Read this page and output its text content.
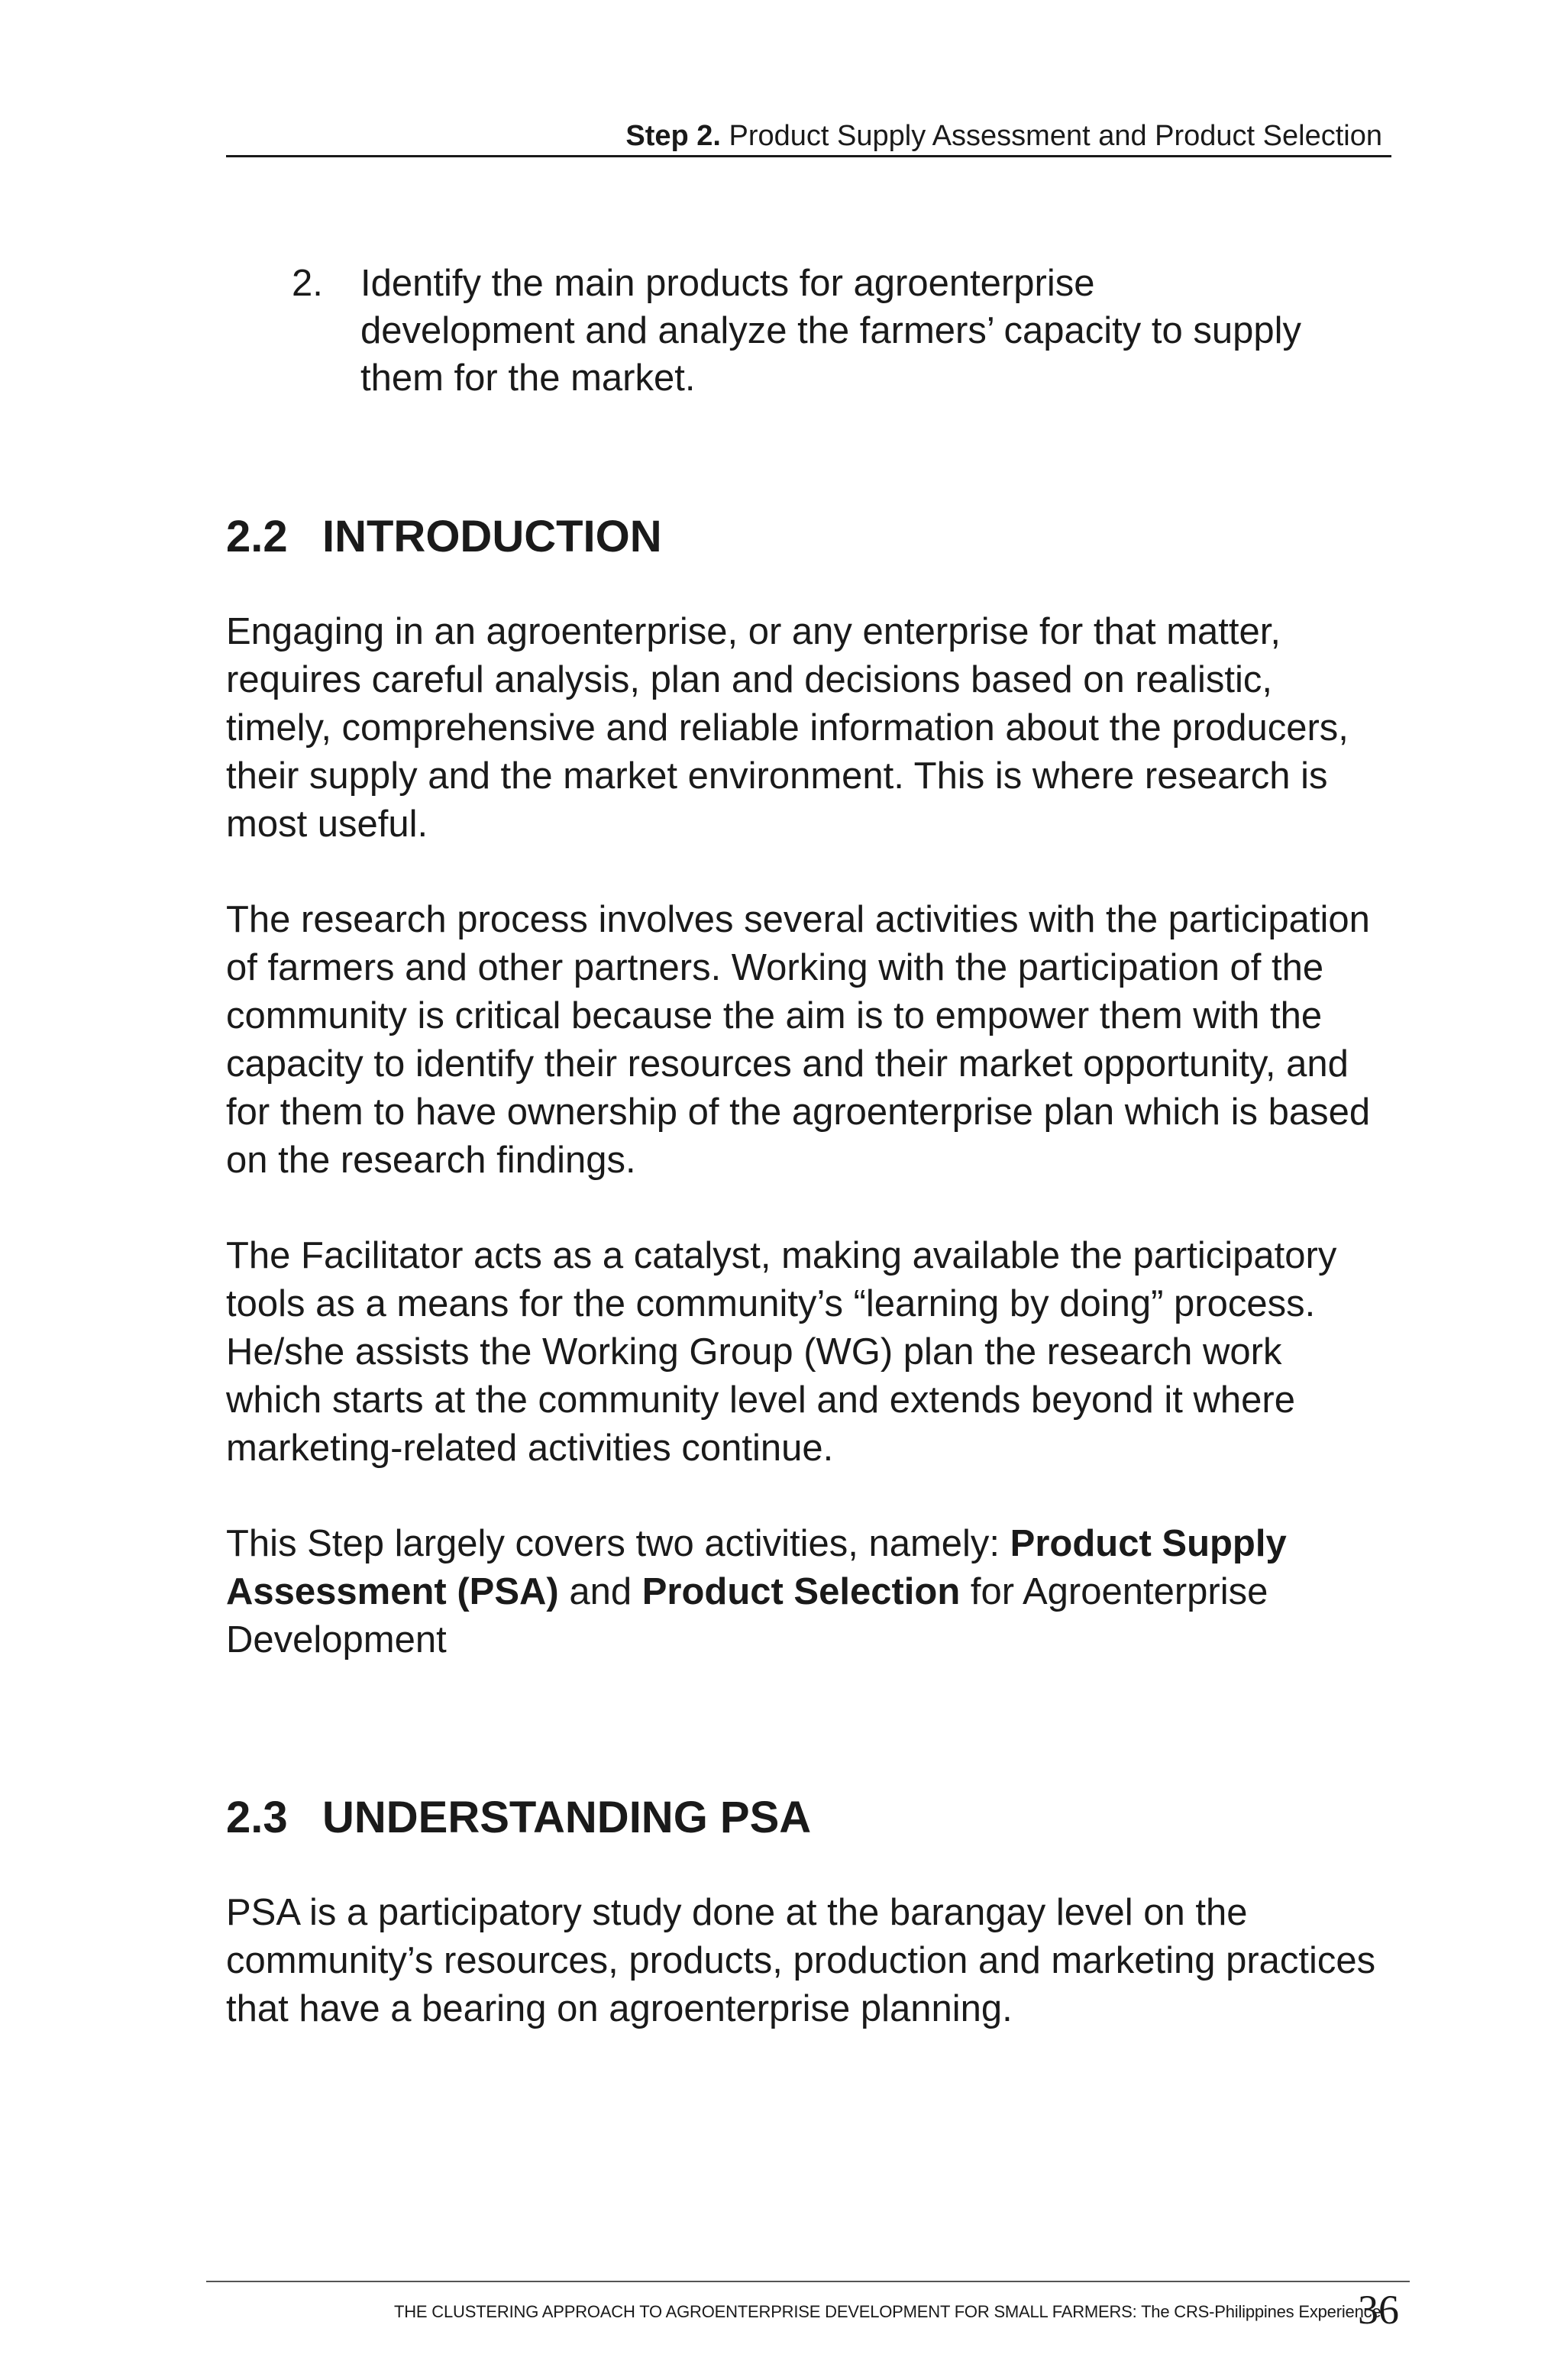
Step 2. Product Supply Assessment and Product Selection
2.	Identify the main products for agroenterprise development and analyze the farmers’ capacity to supply them for the market.
2.2 INTRODUCTION

Engaging in an agroenterprise, or any enterprise for that matter, requires careful analysis, plan and decisions based on realistic, timely, comprehensive and reliable information about the producers, their supply and the market environment. This is where research is most useful.

The research process involves several activities with the participation of farmers and other partners. Working with the participation of the community is critical because the aim is to empower them with the capacity to identify their resources and their market opportunity, and for them to have ownership of the agroenterprise plan which is based on the research findings.

The Facilitator acts as a catalyst, making available the participatory tools as a means for the community’s “learning by doing” process. He/she assists the Working Group (WG) plan the research work which starts at the community level and extends beyond it where marketing-related activities continue.

This Step largely covers two activities, namely: Product Supply Assessment (PSA) and Product Selection for Agroenterprise Development

2.3 UNDERSTANDING PSA

PSA is a participatory study done at the barangay level on the community’s resources, products, production and marketing practices that have a bearing on agroenterprise planning.

THE CLUSTERING APPROACH TO AGROENTERPRISE DEVELOPMENT FOR SMALL FARMERS: The CRS-Philippines Experience
36
